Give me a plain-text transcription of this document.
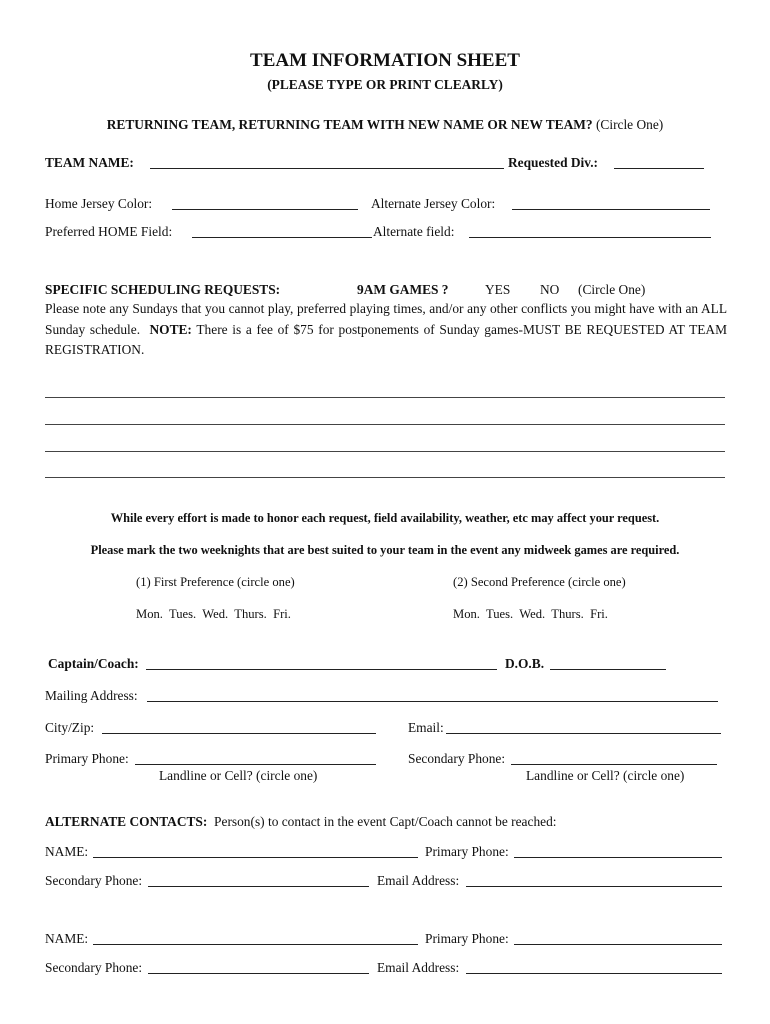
TEAM INFORMATION SHEET
(PLEASE TYPE OR PRINT CLEARLY)
RETURNING TEAM, RETURNING TEAM WITH NEW NAME OR NEW TEAM? (Circle One)
TEAM NAME:	Requested Div.:
Home Jersey Color:	Alternate Jersey Color:
Preferred HOME Field:	Alternate field:
SPECIFIC SCHEDULING REQUESTS:	9AM GAMES ?	YES NO (Circle One)
Please note any Sundays that you cannot play, preferred playing times, and/or any other conflicts you might have with an ALL Sunday schedule. NOTE: There is a fee of $75 for postponements of Sunday games-MUST BE REQUESTED AT TEAM REGISTRATION.
While every effort is made to honor each request, field availability, weather, etc may affect your request.
Please mark the two weeknights that are best suited to your team in the event any midweek games are required.
(1) First Preference (circle one)	(2) Second Preference (circle one)
Mon.  Tues.  Wed.  Thurs.  Fri.	Mon.  Tues.  Wed.  Thurs.  Fri.
Captain/Coach:	D.O.B.
Mailing Address:
City/Zip:	Email:
Primary Phone:	Secondary Phone:
Landline or Cell? (circle one)	Landline or Cell? (circle one)
ALTERNATE CONTACTS: Person(s) to contact in the event Capt/Coach cannot be reached:
NAME:	Primary Phone:
Secondary Phone:	Email Address:
NAME:	Primary Phone:
Secondary Phone:	Email Address:
